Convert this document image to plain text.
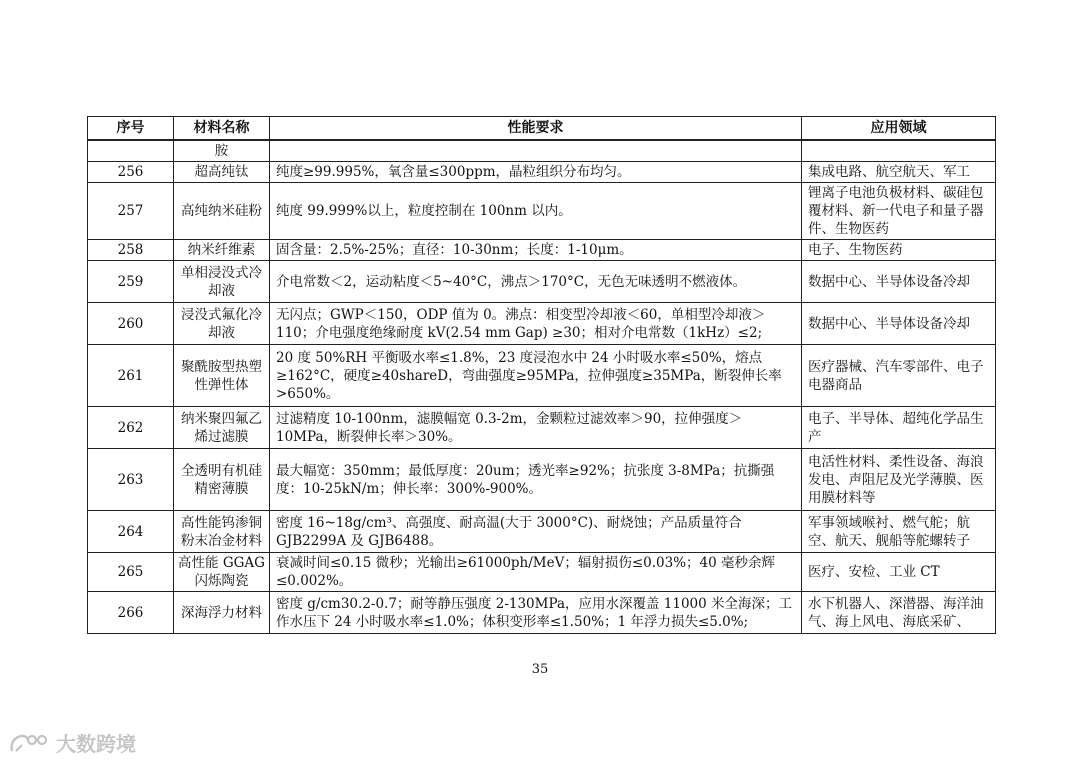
序号	材料名称	性能要求	应用领域
	胺		
256	超高纯钛	纯度≥99.995%，氧含量≤300ppm，晶粒组织分布均匀。	集成电路、航空航天、军工
257	高纯纳米硅粉	纯度 99.999%以上，粒度控制在 100nm 以内。	锂离子电池负极材料、碳硅包覆材料、新一代电子和量子器件、生物医药
258	纳米纤维素	固含量：2.5%-25%；直径：10-30nm；长度：1-10μm。	电子、生物医药
259	单相浸没式冷却液	介电常数＜2，运动粘度＜5~40°C，沸点＞170°C，无色无味透明不燃液体。	数据中心、半导体设备冷却
260	浸没式氟化冷却液	无闪点；GWP＜150，ODP 值为 0。沸点：相变型冷却液＜60，单相型冷却液＞110；介电强度绝缘耐度 kV(2.54 mm Gap) ≥30；相对介电常数（1kHz）≤2;	数据中心、半导体设备冷却
261	聚酰胺型热塑性弹性体	20 度 50%RH 平衡吸水率≤1.8%，23 度浸泡水中 24 小时吸水率≤50%，熔点≥162°C，硬度≥40shareD，弯曲强度≥95MPa，拉伸强度≥35MPa，断裂伸长率>650%。	医疗器械、汽车零部件、电子电器商品
262	纳米聚四氟乙烯过滤膜	过滤精度 10-100nm，滤膜幅宽 0.3-2m，金颗粒过滤效率＞90，拉伸强度＞10MPa，断裂伸长率＞30%。	电子、半导体、超纯化学品生产
263	全透明有机硅精密薄膜	最大幅宽：350mm；最低厚度：20um；透光率≥92%；抗张度 3-8MPa；抗撕强度：10-25kN/m；伸长率：300%-900%。	电活性材料、柔性设备、海浪发电、声阻尼及光学薄膜、医用膜材料等
264	高性能钨渗铜粉末冶金材料	密度 16~18g/cm³、高强度、耐高温(大于 3000°C)、耐烧蚀；产品质量符合 GJB2299A 及 GJB6488。	军事领域喉衬、燃气舵；航空、航天、舰船等舵螺转子
265	高性能 GGAG 闪烁陶瓷	衰减时间≤0.15 微秒；光输出≥61000ph/MeV；辐射损伤≤0.03%；40 毫秒余辉≤0.002%。	医疗、安检、工业 CT
266	深海浮力材料	密度 g/cm30.2-0.7；耐等静压强度 2-130MPa，应用水深覆盖 11000 米全海深；工作水压下 24 小时吸水率≤1.0%；体积变形率≤1.50%；1 年浮力损失≤5.0%;	水下机器人、深潜器、海洋油气、海上风电、海底采矿、
35
大数跨境
